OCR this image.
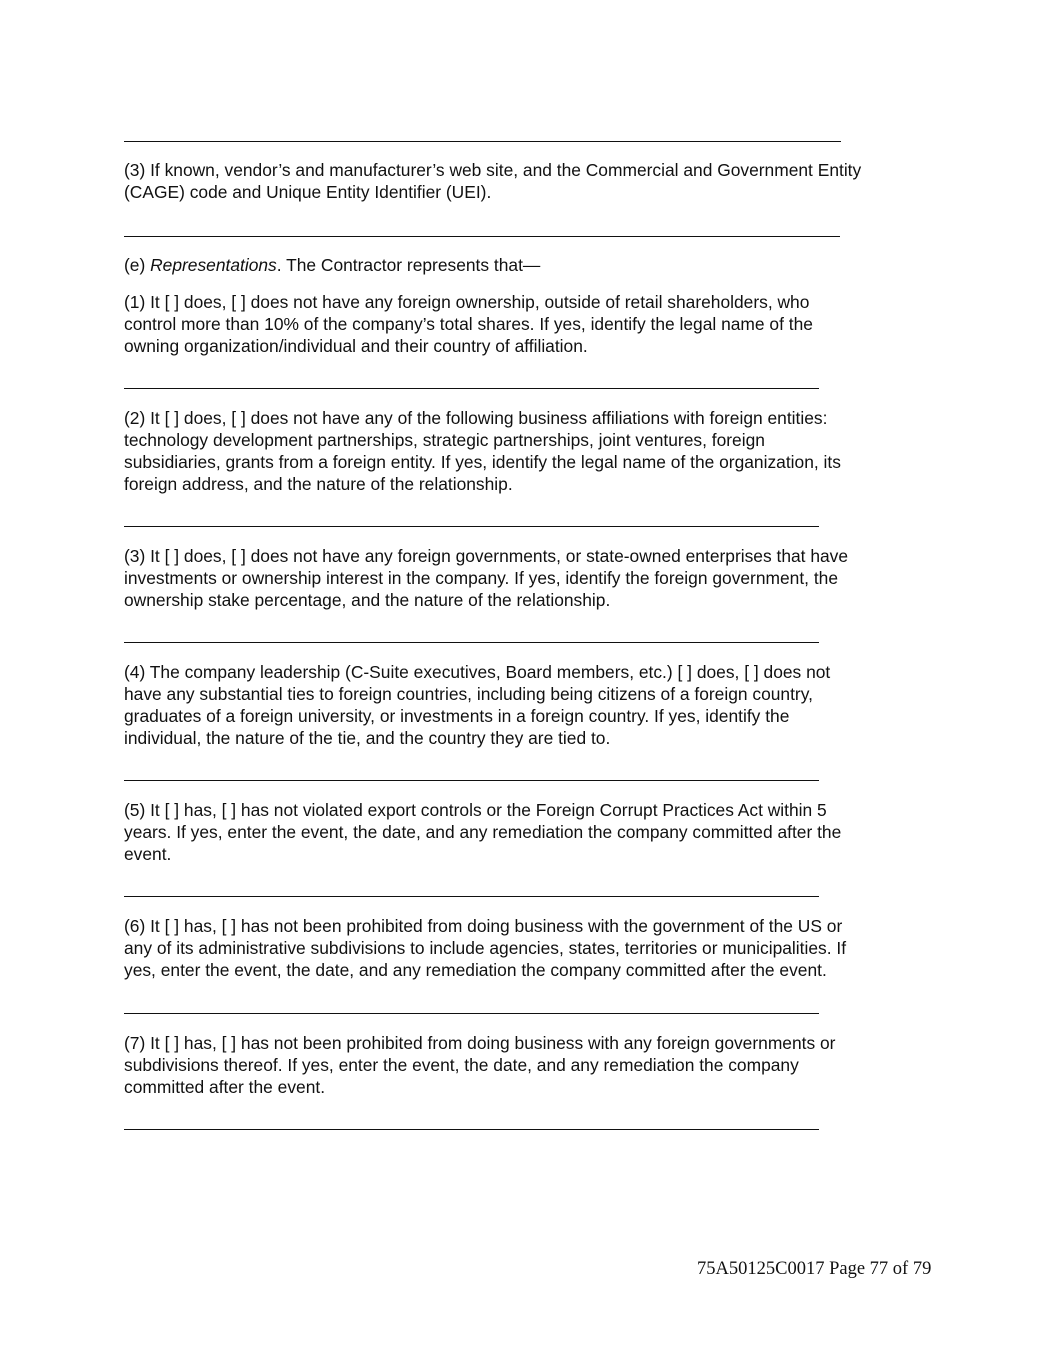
(3) If known, vendor’s and manufacturer’s web site, and the Commercial and Government Entity
(CAGE) code and Unique Entity Identifier (UEI).

(e) Representations. The Contractor represents that—

(1) It [ ] does, [ ] does not have any foreign ownership, outside of retail shareholders, who
control more than 10% of the company’s total shares. If yes, identify the legal name of the
owning organization/individual and their country of affiliation.

(2) It [ ] does, [ ] does not have any of the following business affiliations with foreign entities:
technology development partnerships, strategic partnerships, joint ventures, foreign
subsidiaries, grants from a foreign entity. If yes, identify the legal name of the organization, its
foreign address, and the nature of the relationship.

(3) It [ ] does, [ ] does not have any foreign governments, or state-owned enterprises that have
investments or ownership interest in the company. If yes, identify the foreign government, the
ownership stake percentage, and the nature of the relationship.

(4) The company leadership (C-Suite executives, Board members, etc.) [ ] does, [ ] does not
have any substantial ties to foreign countries, including being citizens of a foreign country,
graduates of a foreign university, or investments in a foreign country. If yes, identify the
individual, the nature of the tie, and the country they are tied to.

(5) It [ ] has, [ ] has not violated export controls or the Foreign Corrupt Practices Act within 5
years. If yes, enter the event, the date, and any remediation the company committed after the
event.

(6) It [ ] has, [ ] has not been prohibited from doing business with the government of the US or
any of its administrative subdivisions to include agencies, states, territories or municipalities. If
yes, enter the event, the date, and any remediation the company committed after the event.

(7) It [ ] has, [ ] has not been prohibited from doing business with any foreign governments or
subdivisions thereof. If yes, enter the event, the date, and any remediation the company
committed after the event.

75A50125C0017 Page 77 of 79
